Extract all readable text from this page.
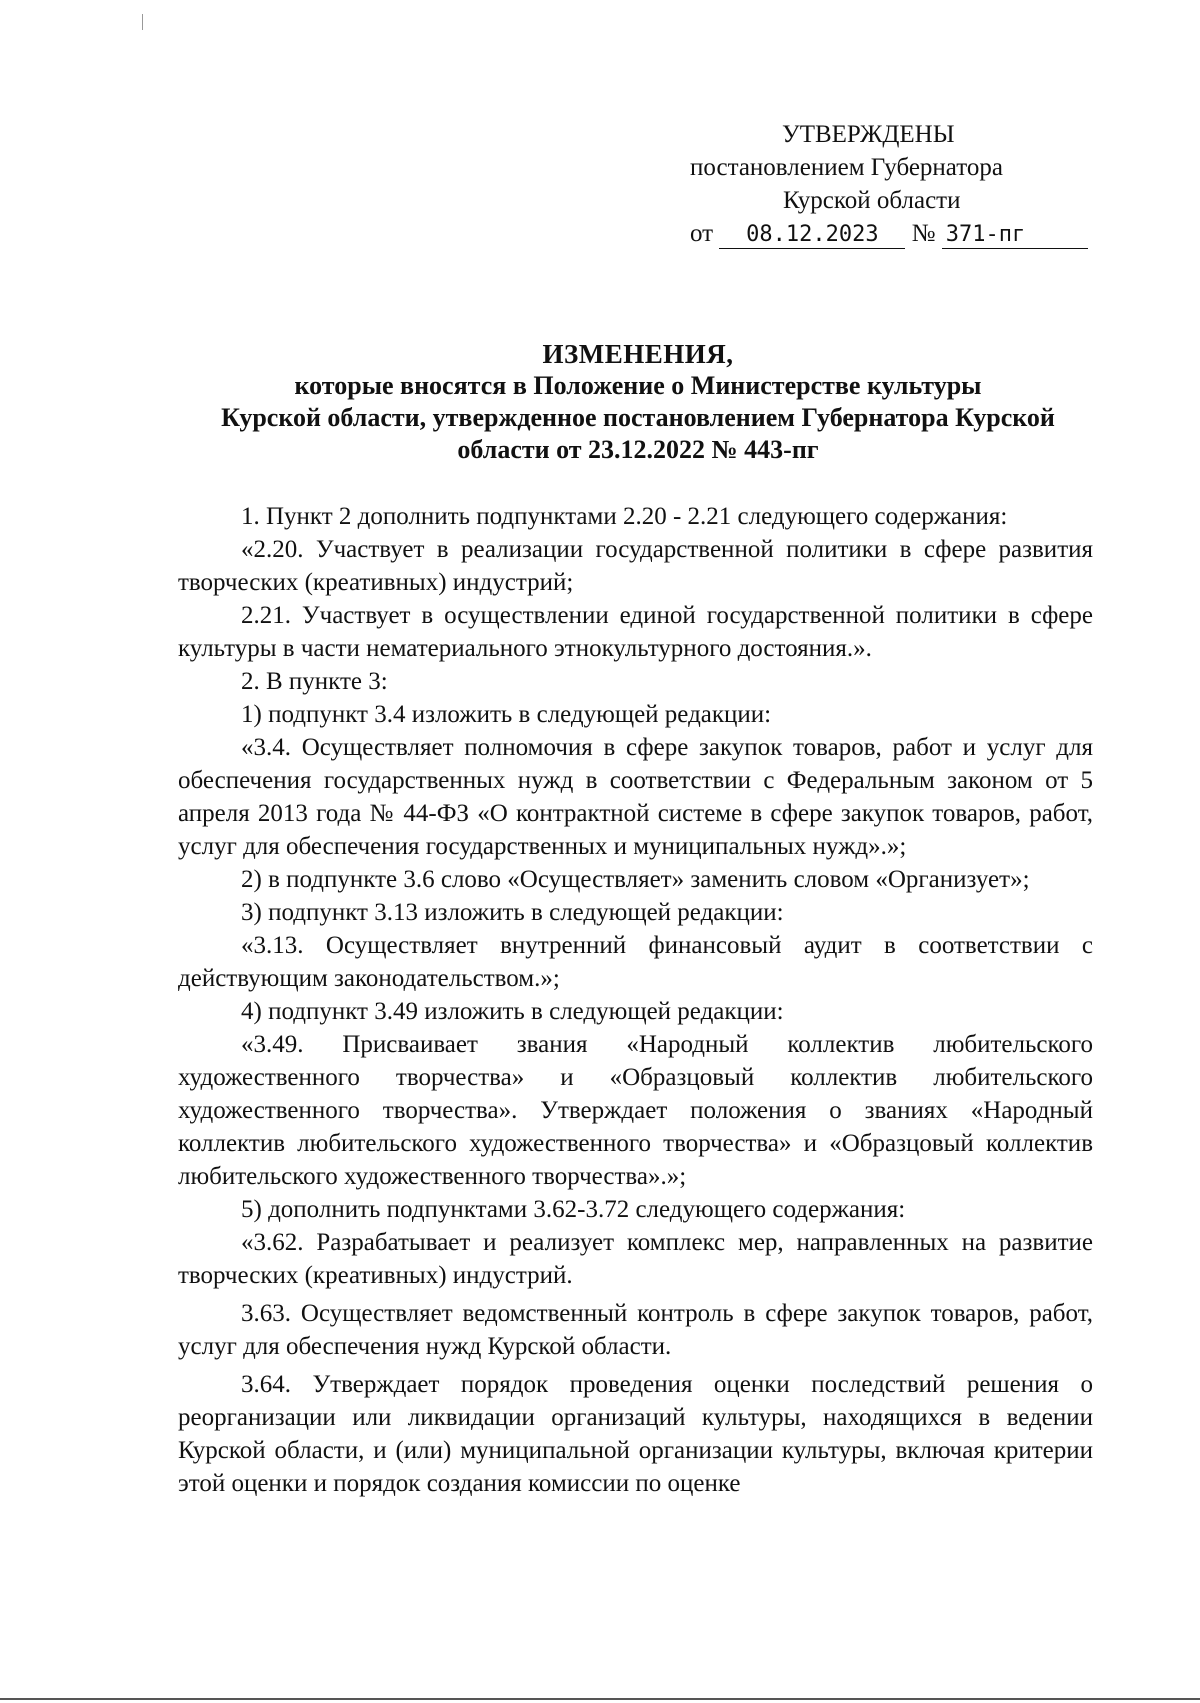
УТВЕРЖДЕНЫ
постановлением Губернатора
Курской области
от 08.12.2023 № 371-пг
ИЗМЕНЕНИЯ,
которые вносятся в Положение о Министерстве культуры
Курской области, утвержденное постановлением Губернатора Курской
области от 23.12.2022 № 443-пг

1. Пункт 2 дополнить подпунктами 2.20 - 2.21 следующего содержания:

«2.20. Участвует в реализации государственной политики в сфере развития творческих (креативных) индустрий;

2.21. Участвует в осуществлении единой государственной политики в сфере культуры в части нематериального этнокультурного достояния.».

2. В пункте 3:

1) подпункт 3.4 изложить в следующей редакции:

«3.4. Осуществляет полномочия в сфере закупок товаров, работ и услуг для обеспечения государственных нужд в соответствии с Федеральным законом от 5 апреля 2013 года № 44-ФЗ «О контрактной системе в сфере закупок товаров, работ, услуг для обеспечения государственных и муниципальных нужд».»;

2) в подпункте 3.6 слово «Осуществляет» заменить словом «Организует»;

3) подпункт 3.13 изложить в следующей редакции:

«3.13. Осуществляет внутренний финансовый аудит в соответствии с действующим законодательством.»;

4) подпункт 3.49 изложить в следующей редакции:

«3.49. Присваивает звания «Народный коллектив любительского художественного творчества» и «Образцовый коллектив любительского художественного творчества». Утверждает положения о званиях «Народный коллектив любительского художественного творчества» и «Образцовый коллектив любительского художественного творчества».»;

5) дополнить подпунктами 3.62-3.72 следующего содержания:

«3.62. Разрабатывает и реализует комплекс мер, направленных на развитие творческих (креативных) индустрий.

3.63. Осуществляет ведомственный контроль в сфере закупок товаров, работ, услуг для обеспечения нужд Курской области.

3.64. Утверждает порядок проведения оценки последствий решения о реорганизации или ликвидации организаций культуры, находящихся в ведении Курской области, и (или) муниципальной организации культуры, включая критерии этой оценки и порядок создания комиссии по оценке
